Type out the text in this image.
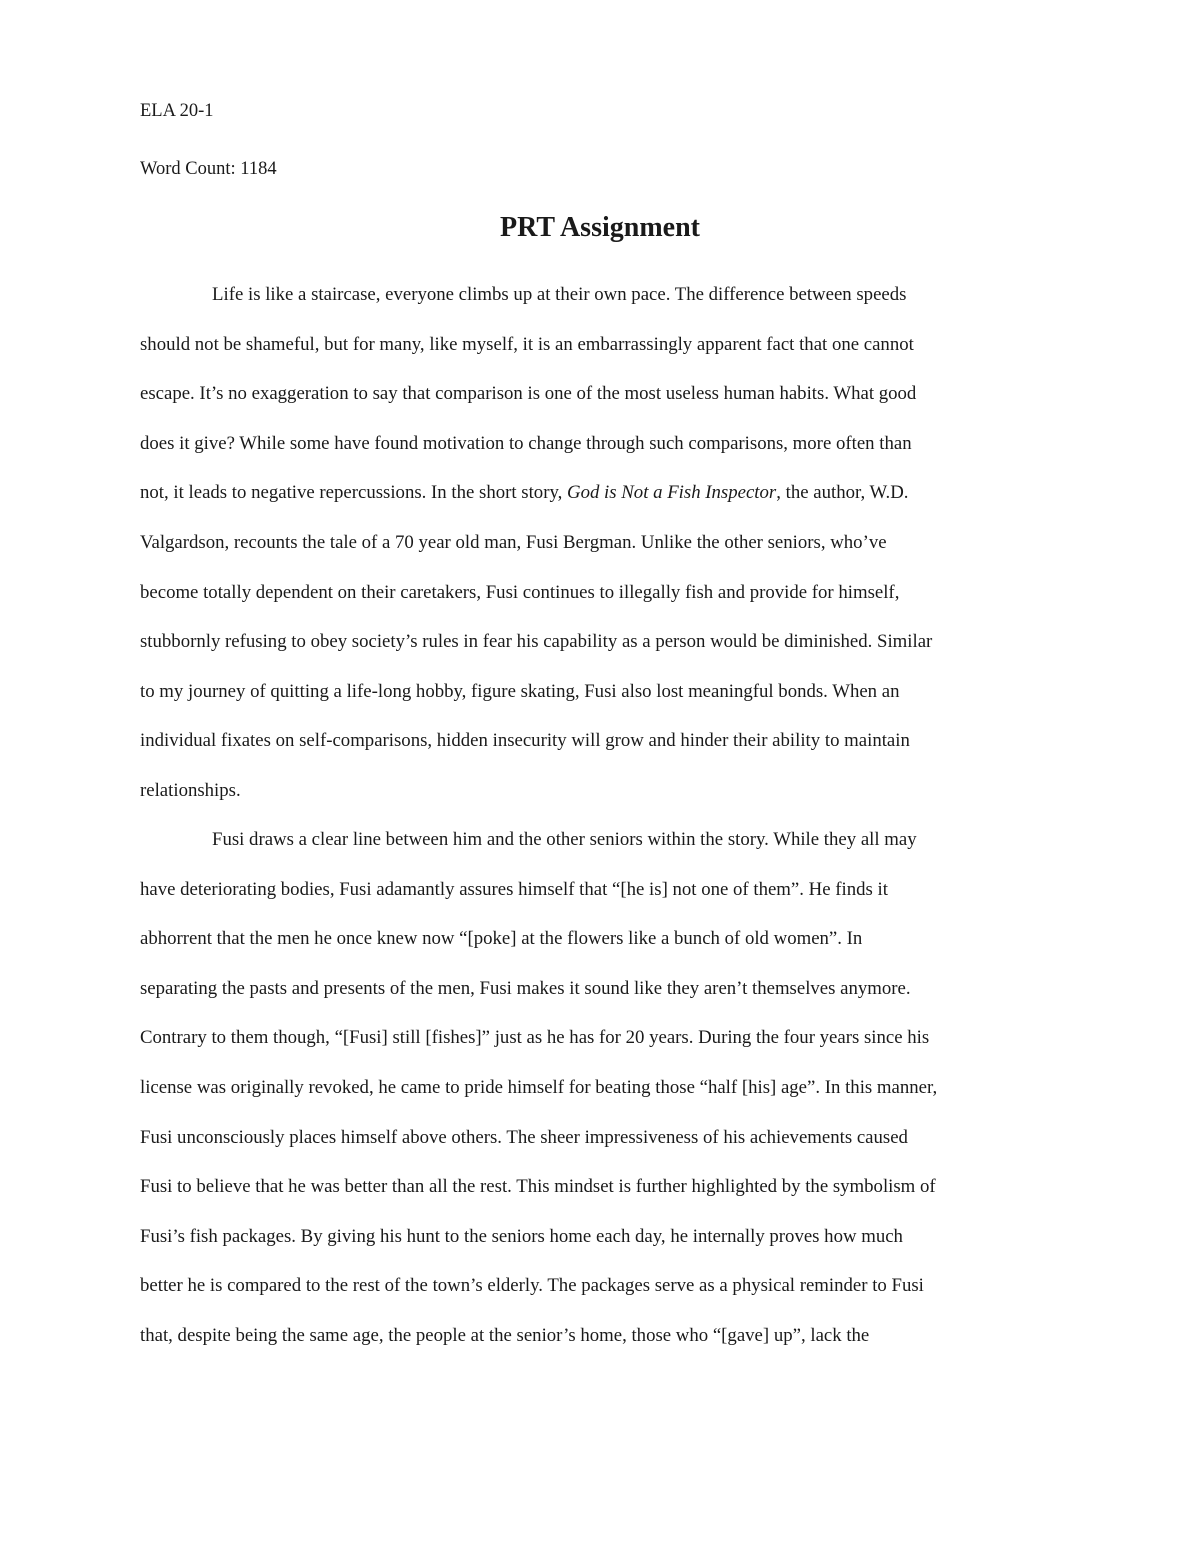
ELA 20-1
Word Count: 1184
PRT Assignment
Life is like a staircase, everyone climbs up at their own pace. The difference between speeds
should not be shameful, but for many, like myself, it is an embarrassingly apparent fact that one cannot
escape. It’s no exaggeration to say that comparison is one of the most useless human habits. What good
does it give? While some have found motivation to change through such comparisons, more often than
not, it leads to negative repercussions. In the short story, God is Not a Fish Inspector, the author, W.D.
Valgardson, recounts the tale of a 70 year old man, Fusi Bergman. Unlike the other seniors, who’ve
become totally dependent on their caretakers, Fusi continues to illegally fish and provide for himself,
stubbornly refusing to obey society’s rules in fear his capability as a person would be diminished. Similar
to my journey of quitting a life-long hobby, figure skating, Fusi also lost meaningful bonds. When an
individual fixates on self-comparisons, hidden insecurity will grow and hinder their ability to maintain
relationships.
Fusi draws a clear line between him and the other seniors within the story. While they all may
have deteriorating bodies, Fusi adamantly assures himself that “[he is] not one of them”. He finds it
abhorrent that the men he once knew now “[poke] at the flowers like a bunch of old women”. In
separating the pasts and presents of the men, Fusi makes it sound like they aren’t themselves anymore.
Contrary to them though, “[Fusi] still [fishes]” just as he has for 20 years. During the four years since his
license was originally revoked, he came to pride himself for beating those “half [his] age”. In this manner,
Fusi unconsciously places himself above others. The sheer impressiveness of his achievements caused
Fusi to believe that he was better than all the rest. This mindset is further highlighted by the symbolism of
Fusi’s fish packages. By giving his hunt to the seniors home each day, he internally proves how much
better he is compared to the rest of the town’s elderly. The packages serve as a physical reminder to Fusi
that, despite being the same age, the people at the senior’s home, those who “[gave] up”, lack the
